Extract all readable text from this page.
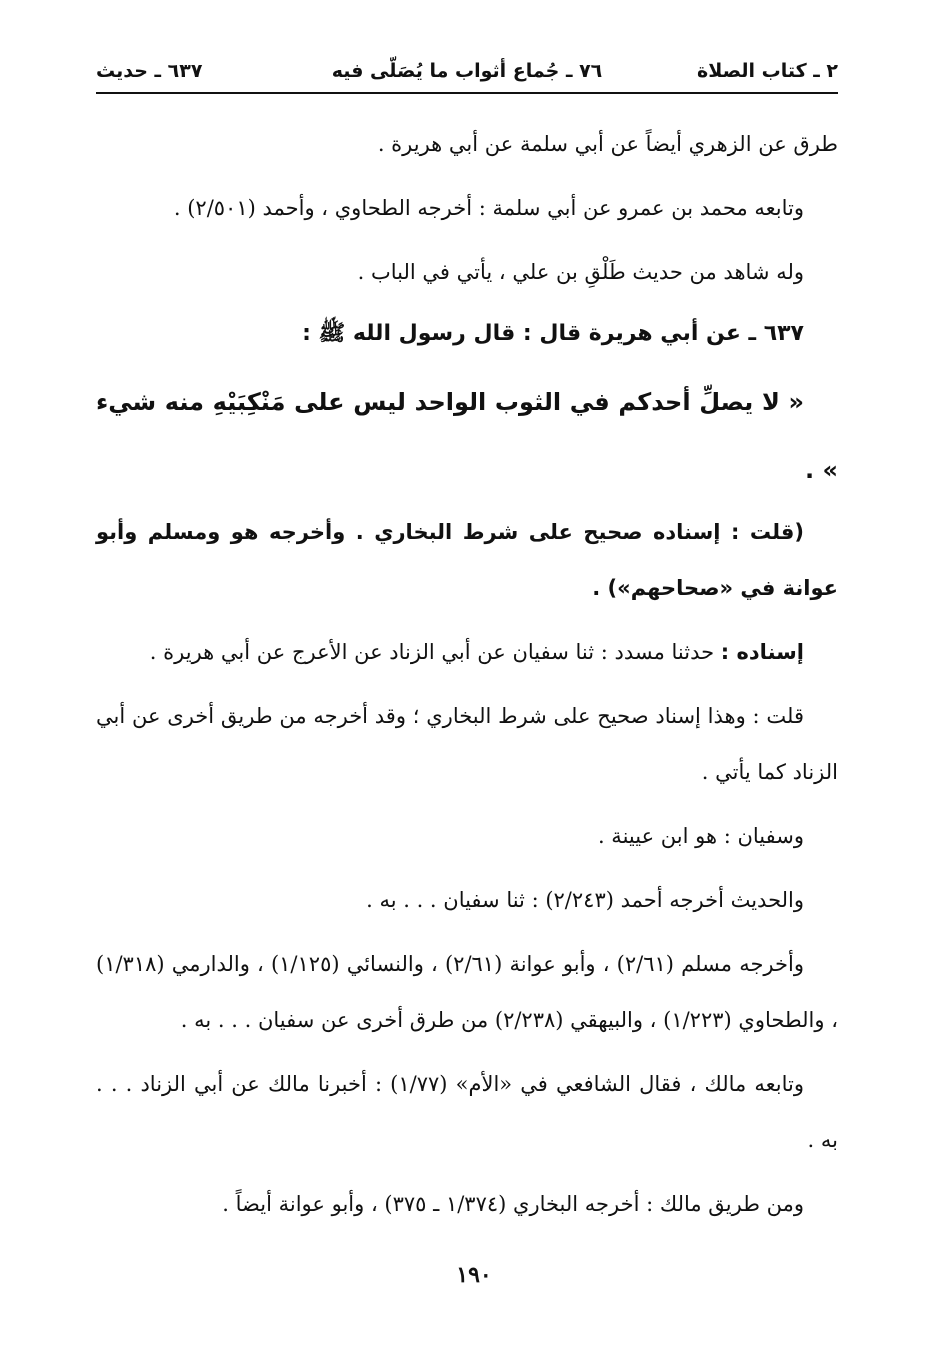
٢ ـ كتاب الصلاة
٧٦ ـ جُماع أثواب ما يُصَلّى فيه
٦٣٧ ـ حديث

طرق عن الزهري أيضاً عن أبي سلمة عن أبي هريرة .

وتابعه محمد بن عمرو عن أبي سلمة : أخرجه الطحاوي ، وأحمد (٢/٥٠١) .

وله شاهد من حديث طَلْقِ بن علي ، يأتي في الباب .

٦٣٧ ـ عن أبي هريرة قال : قال رسول الله ﷺ :

« لا يصلِّ أحدكم في الثوب الواحد ليس على مَنْكِبَيْهِ منه شيء » .

(قلت : إسناده صحيح على شرط البخاري . وأخرجه هو ومسلم وأبو عوانة في «صحاحهم») .

إسناده : حدثنا مسدد : ثنا سفيان عن أبي الزناد عن الأعرج عن أبي هريرة .

قلت : وهذا إسناد صحيح على شرط البخاري ؛ وقد أخرجه من طريق أخرى عن أبي الزناد كما يأتي .

وسفيان : هو ابن عيينة .

والحديث أخرجه أحمد (٢/٢٤٣) : ثنا سفيان . . . به .

وأخرجه مسلم (٢/٦١) ، وأبو عوانة (٢/٦١) ، والنسائي (١/١٢٥) ، والدارمي (١/٣١٨) ، والطحاوي (١/٢٢٣) ، والبيهقي (٢/٢٣٨) من طرق أخرى عن سفيان . . . به .

وتابعه مالك ، فقال الشافعي في «الأم» (١/٧٧) : أخبرنا مالك عن أبي الزناد . . . به .

ومن طريق مالك : أخرجه البخاري (١/٣٧٤ ـ ٣٧٥) ، وأبو عوانة أيضاً .

١٩٠
